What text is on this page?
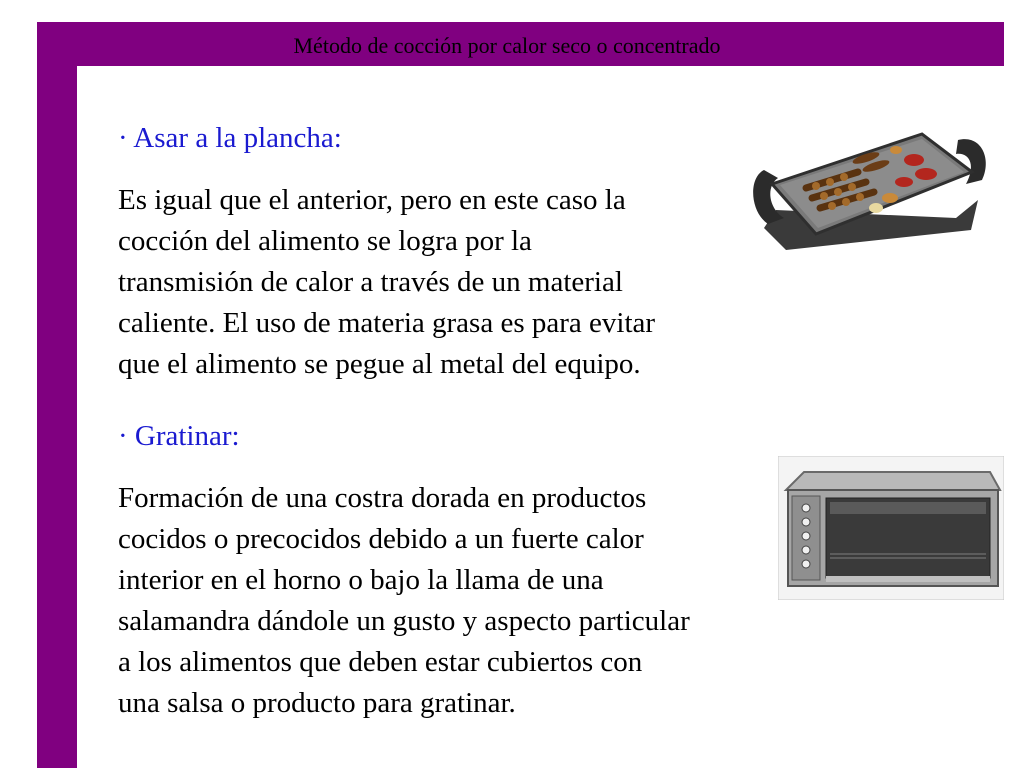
Método de cocción por calor seco o concentrado
· Asar a la plancha:
Es igual que el anterior, pero en este caso la
cocción del alimento se logra por la
transmisión de calor a través de un material
caliente. El uso de materia grasa es para evitar
que el alimento se pegue al metal del equipo.
· Gratinar:
Formación de una costra dorada en productos
cocidos o precocidos debido a un fuerte calor
interior en el horno o bajo la llama de una
salamandra dándole un gusto y aspecto particular
a los alimentos que deben estar cubiertos con
una salsa o producto para gratinar.
